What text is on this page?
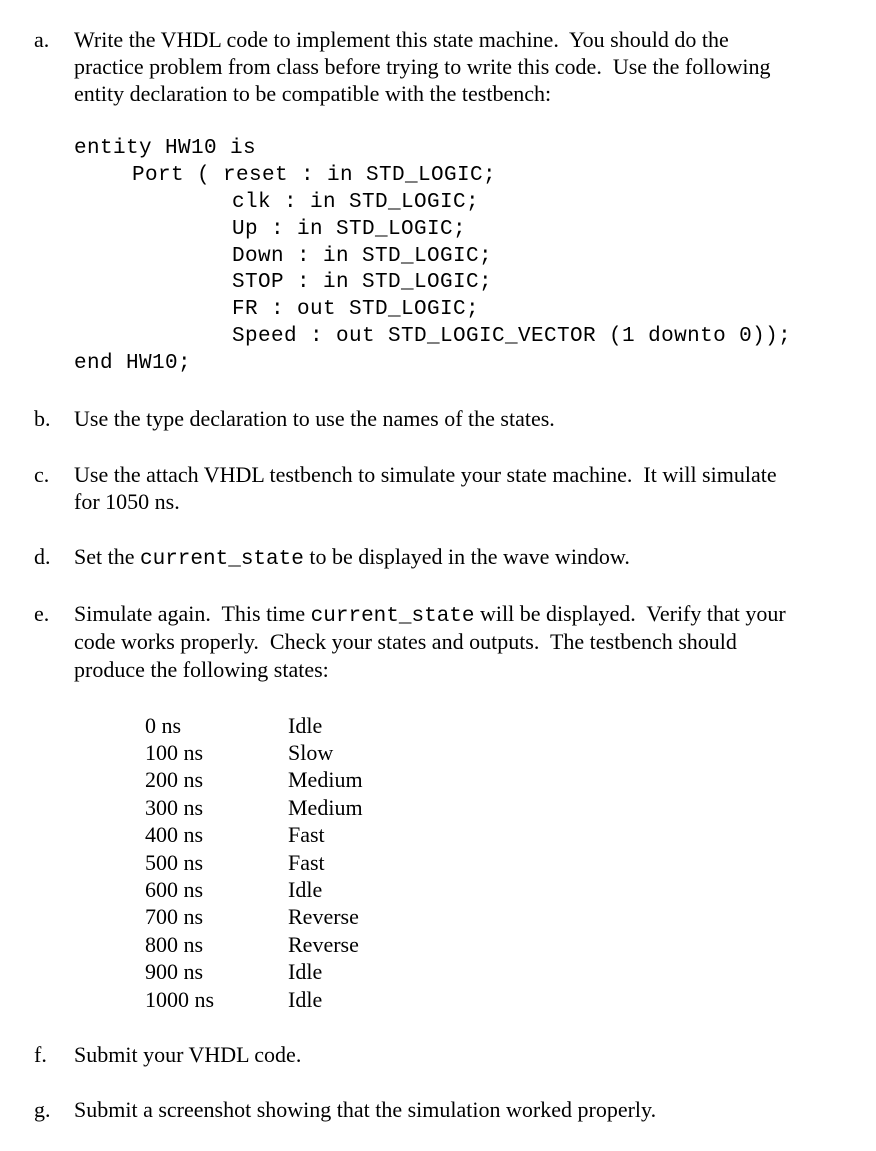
a. Write the VHDL code to implement this state machine.  You should do the
practice problem from class before trying to write this code.  Use the following
entity declaration to be compatible with the testbench:
entity HW10 is
Port ( reset : in STD_LOGIC;
clk : in STD_LOGIC;
Up : in STD_LOGIC;
Down : in STD_LOGIC;
STOP : in STD_LOGIC;
FR : out STD_LOGIC;
Speed : out STD_LOGIC_VECTOR (1 downto 0));
end HW10;
b. Use the type declaration to use the names of the states.
c. Use the attach VHDL testbench to simulate your state machine.  It will simulate
for 1050 ns.
d. Set the current_state to be displayed in the wave window.
e. Simulate again.  This time current_state will be displayed.  Verify that your
code works properly.  Check your states and outputs.  The testbench should
produce the following states:
0 ns	Idle
100 ns	Slow
200 ns	Medium
300 ns	Medium
400 ns	Fast
500 ns	Fast
600 ns	Idle
700 ns	Reverse
800 ns	Reverse
900 ns	Idle
1000 ns	Idle
f. Submit your VHDL code.
g. Submit a screenshot showing that the simulation worked properly.
